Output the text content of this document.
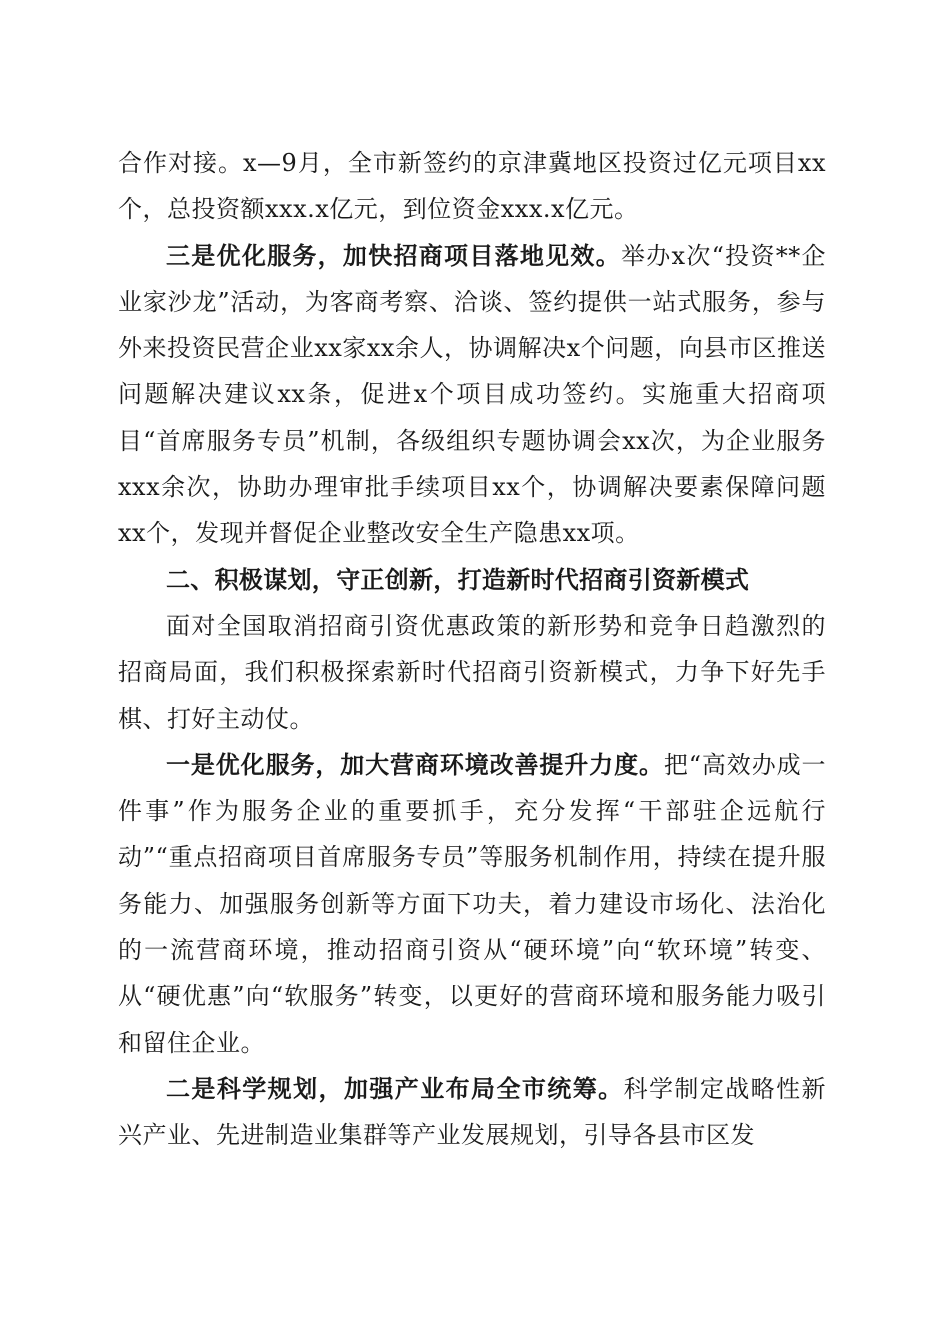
合作对接。x—9月，全市新签约的京津冀地区投资过亿元项目xx个，总投资额xxx.x亿元，到位资金xxx.x亿元。

三是优化服务，加快招商项目落地见效。举办x次“投资**企业家沙龙”活动，为客商考察、洽谈、签约提供一站式服务，参与外来投资民营企业xx家xx余人，协调解决x个问题，向县市区推送问题解决建议xx条，促进x个项目成功签约。实施重大招商项目“首席服务专员”机制，各级组织专题协调会xx次，为企业服务xxx余次，协助办理审批手续项目xx个，协调解决要素保障问题xx个，发现并督促企业整改安全生产隐患xx项。

二、积极谋划，守正创新，打造新时代招商引资新模式

面对全国取消招商引资优惠政策的新形势和竞争日趋激烈的招商局面，我们积极探索新时代招商引资新模式，力争下好先手棋、打好主动仗。

一是优化服务，加大营商环境改善提升力度。把“高效办成一件事”作为服务企业的重要抓手，充分发挥“干部驻企远航行动”“重点招商项目首席服务专员”等服务机制作用，持续在提升服务能力、加强服务创新等方面下功夫，着力建设市场化、法治化的一流营商环境，推动招商引资从“硬环境”向“软环境”转变、从“硬优惠”向“软服务”转变，以更好的营商环境和服务能力吸引和留住企业。

二是科学规划，加强产业布局全市统筹。科学制定战略性新兴产业、先进制造业集群等产业发展规划，引导各县市区发
